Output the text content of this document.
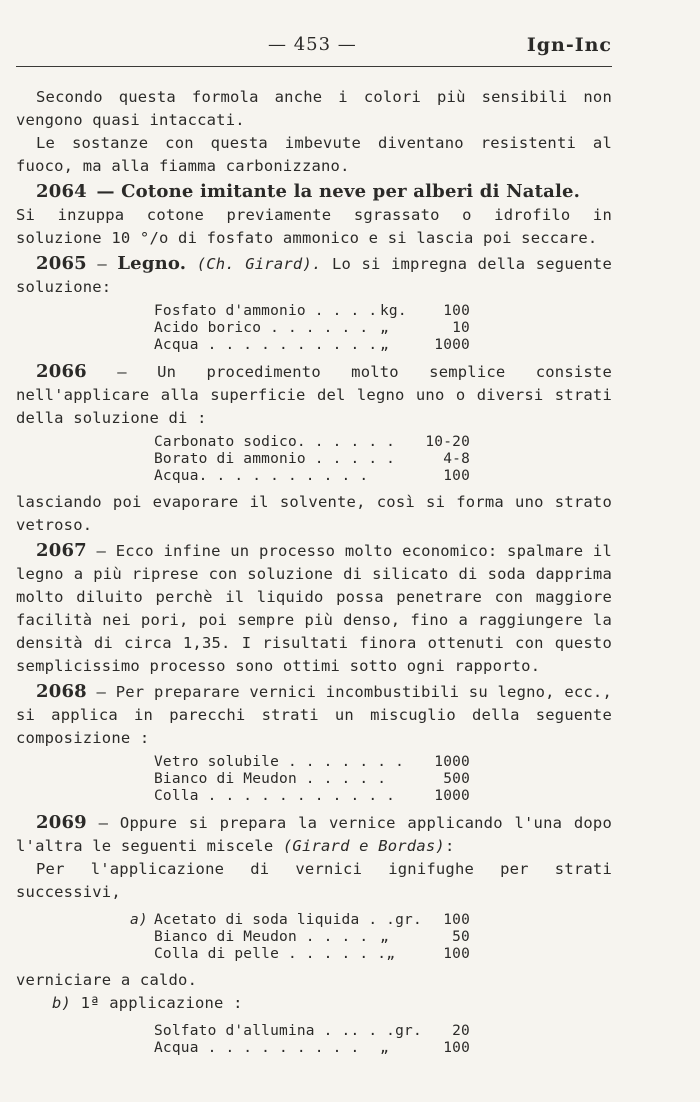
— 453 —	Ign-Inc

Secondo questa formola anche i colori più sensibili non vengono quasi intaccati.

Le sostanze con questa imbevute diventano resistenti al fuoco, ma alla fiamma carbonizzano.

2064 — Cotone imitante la neve per alberi di Natale.

Si inzuppa cotone previamente sgrassato o idrofilo in soluzione 10 °/o di fosfato ammonico e si lascia poi seccare.

2065 — Legno. (Ch. Girard). Lo si impregna della seguente soluzione:

Fosfato d'ammonio . . . . kg.	100
Acido borico . . . . . . „	10
Acqua . . . . . . . . . . „	1000

2066 — Un procedimento molto semplice consiste nell'applicare alla superficie del legno uno o diversi strati della soluzione di :

Carbonato sodico. . . . . . 10-20
Borato di ammonio . . . . .	4-8
Acqua. . . . . . . . . .	100

lasciando poi evaporare il solvente, così si forma uno strato vetroso.

2067 — Ecco infine un processo molto economico: spalmare il legno a più riprese con soluzione di silicato di soda dapprima molto diluito perchè il liquido possa penetrare con maggiore facilità nei pori, poi sempre più denso, fino a raggiungere la densità di circa 1,35. I risultati finora ottenuti con questo semplicissimo processo sono ottimi sotto ogni rapporto.

2068 — Per preparare vernici incombustibili su legno, ecc., si applica in parecchi strati un miscuglio della seguente composizione :

Vetro solubile . . . . . . . 1000
Bianco di Meudon . . . . .	500
Colla . . . . . . . . . . .	1000

2069 — Oppure si prepara la vernice applicando l'una dopo l'altra le seguenti miscele (Girard e Bordas):

Per l'applicazione di vernici ignifughe per strati successivi,

a) Acetato di soda liquida . . gr.	100
Bianco di Meudon . . . . „	50
Colla di pelle . . . . . . „	100

verniciare a caldo.

b) 1ª applicazione :

Solfato d'allumina . .. . . gr.	20
Acqua . . . . . . . . .	„	100
